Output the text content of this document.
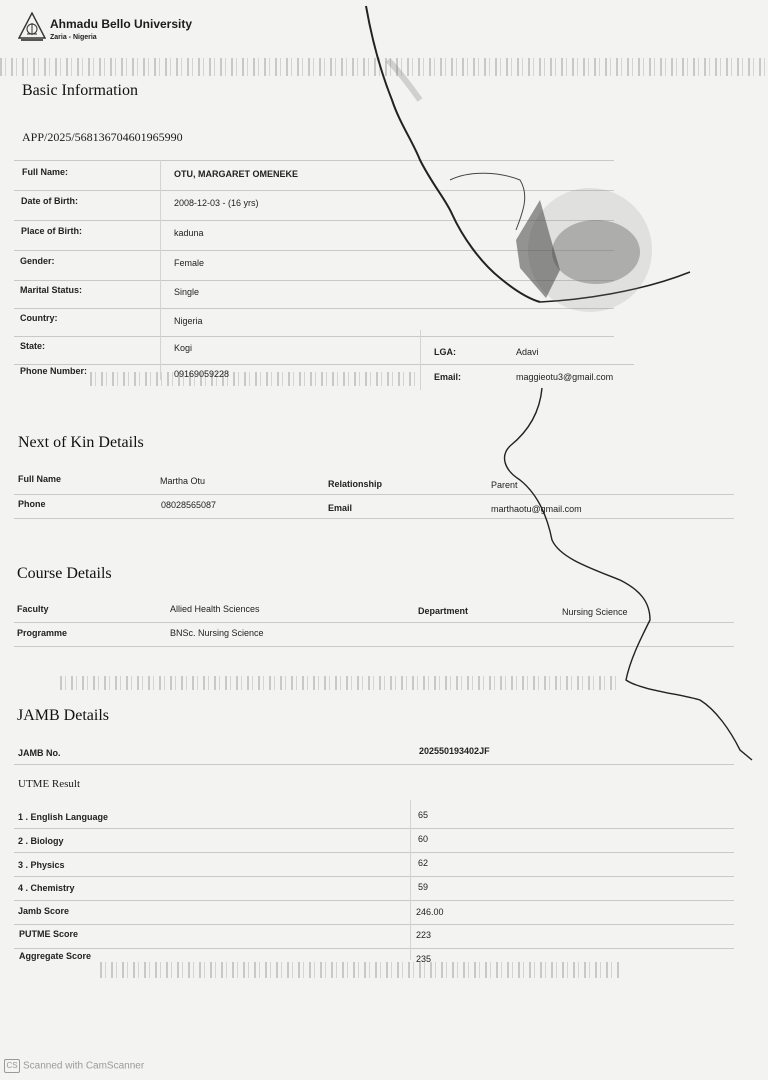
Ahmadu Bello University
Zaria - Nigeria
Basic Information
APP/2025/568136704601965990
Full Name:	OTU, MARGARET OMENEKE
Date of Birth:	2008-12-03 - (16 yrs)
Place of Birth:	kaduna
Gender:	Female
Marital Status:	Single
Country:	Nigeria
State:	Kogi	LGA:	Adavi
Phone Number:	09169059228	Email:	maggieotu3@gmail.com
Next of Kin Details
Full Name	Martha Otu	Relationship	Parent
Phone	08028565087	Email	marthaotu@gmail.com
Course Details
Faculty	Allied Health Sciences	Department	Nursing Science
Programme	BNSc. Nursing Science
JAMB Details
JAMB No.	202550193402JF
UTME Result
1 . English Language	65
2 . Biology	60
3 . Physics	62
4 . Chemistry	59
Jamb Score	246.00
PUTME Score	223
Aggregate Score	235
CS Scanned with CamScanner
